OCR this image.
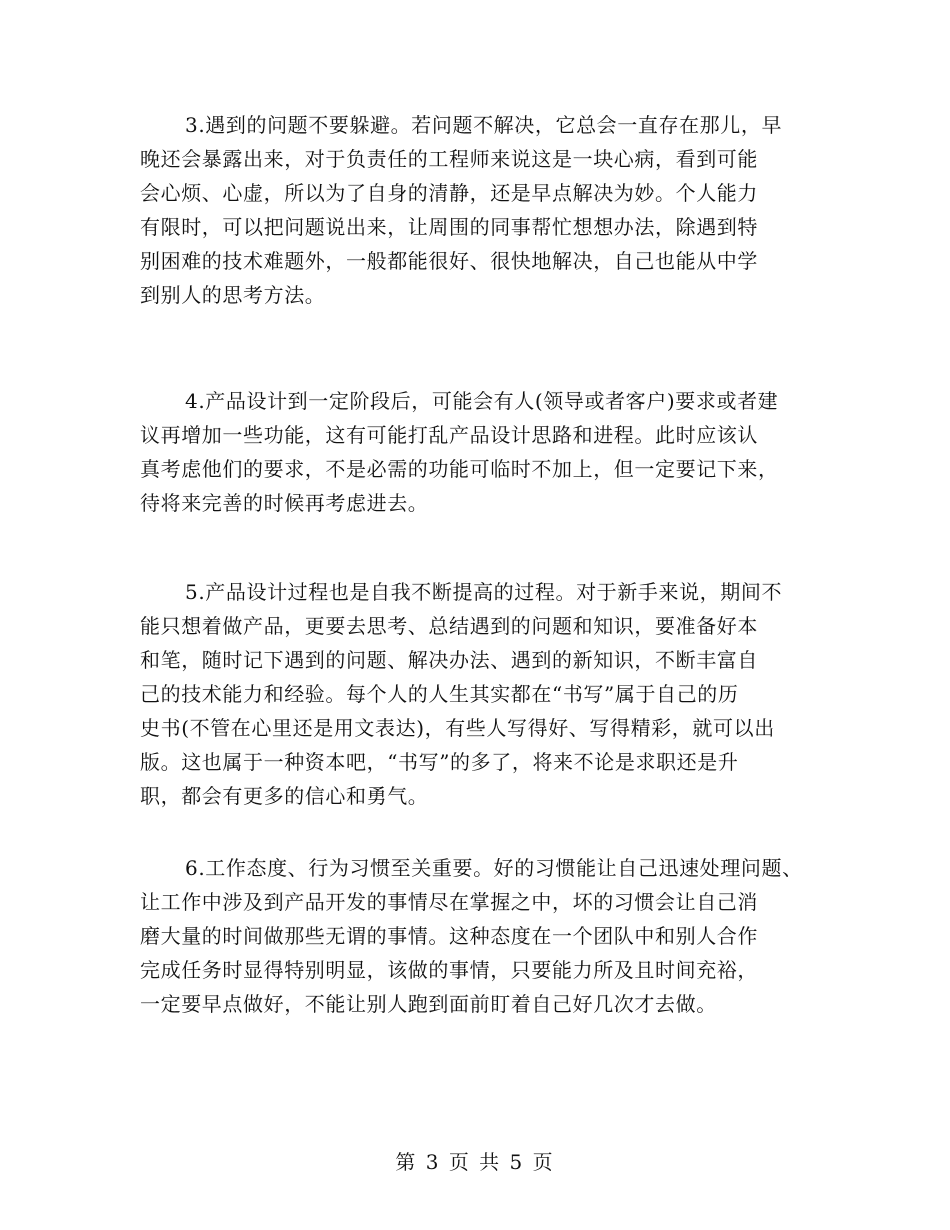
3.遇到的问题不要躲避。若问题不解决，它总会一直存在那儿，早
晚还会暴露出来，对于负责任的工程师来说这是一块心病，看到可能
会心烦、心虚，所以为了自身的清静，还是早点解决为妙。个人能力
有限时，可以把问题说出来，让周围的同事帮忙想想办法，除遇到特
别困难的技术难题外，一般都能很好、很快地解决，自己也能从中学
到别人的思考方法。
4.产品设计到一定阶段后，可能会有人(领导或者客户)要求或者建
议再增加一些功能，这有可能打乱产品设计思路和进程。此时应该认
真考虑他们的要求，不是必需的功能可临时不加上，但一定要记下来，
待将来完善的时候再考虑进去。
5.产品设计过程也是自我不断提高的过程。对于新手来说，期间不
能只想着做产品，更要去思考、总结遇到的问题和知识，要准备好本
和笔，随时记下遇到的问题、解决办法、遇到的新知识，不断丰富自
己的技术能力和经验。每个人的人生其实都在“书写”属于自己的历
史书(不管在心里还是用文表达)，有些人写得好、写得精彩，就可以出
版。这也属于一种资本吧，“书写”的多了，将来不论是求职还是升
职，都会有更多的信心和勇气。
6.工作态度、行为习惯至关重要。好的习惯能让自己迅速处理问题、
让工作中涉及到产品开发的事情尽在掌握之中，坏的习惯会让自己消
磨大量的时间做那些无谓的事情。这种态度在一个团队中和别人合作
完成任务时显得特别明显，该做的事情，只要能力所及且时间充裕，
一定要早点做好，不能让别人跑到面前盯着自己好几次才去做。
第 3 页 共 5 页
